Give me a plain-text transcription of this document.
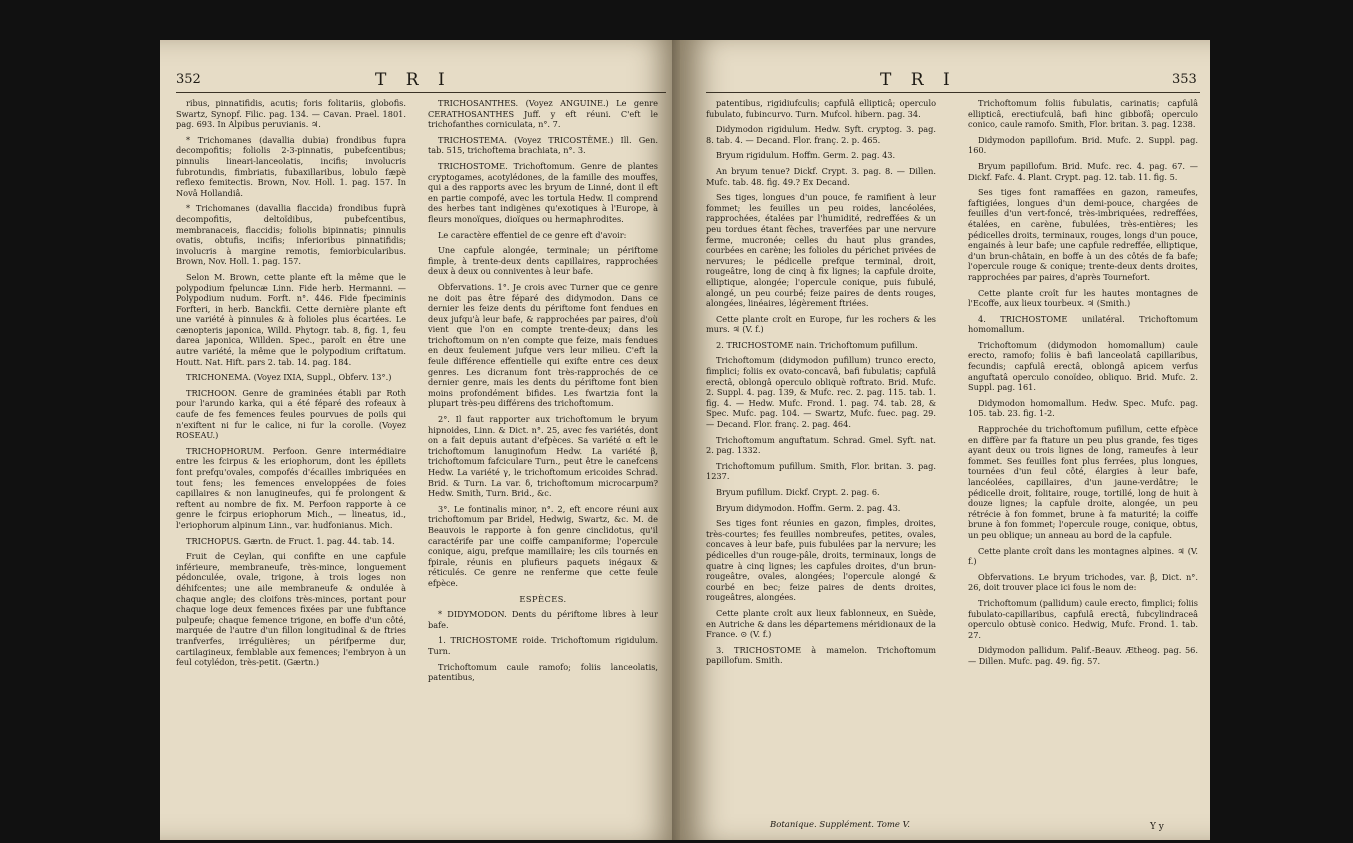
352	T R I

ribus, pinnatifidis, acutis; foris folitariis, globofis. Swartz, Synopf. Filic. pag. 134. — Cavan. Prael. 1801. pag. 693. In Alpibus peruvianis. ♃.

* Trichomanes (davallia dubia) frondibus fupra decompofitis; foliolis 2-3-pinnatis, pubefcentibus; pinnulis lineari-lanceolatis, incifis; involucris fubrotundis, fimbriatis, fubaxillaribus, lobulo fæpè reflexo femitectis. Brown, Nov. Holl. 1. pag. 157. In Novâ Hollandiâ.

* Trichomanes (davallia flaccida) frondibus fuprà decompofitis, deltoïdibus, pubefcentibus, membranaceis, flaccidis; foliolis bipinnatis; pinnulis ovatis, obtufis, incifis; inferioribus pinnatifidis; involucris à margine remotis, femiorbicularibus. Brown, Nov. Holl. 1. pag. 157.

Selon M. Brown, cette plante eft la même que le polypodium fpeluncæ Linn. Fide herb. Hermanni. — Polypodium nudum. Forft. n°. 446. Fide fpeciminis Forfteri, in herb. Banckfii. Cette dernière plante eft une variété à pinnules & à folioles plus écartées. Le cænopteris japonica, Willd. Phytogr. tab. 8, fig. 1, feu darea japonica, Willden. Spec., paroît en être une autre variété, la même que le polypodium criftatum. Houtt. Nat. Hift. pars 2. tab. 14. pag. 184.

TRICHONEMA. (Voyez IXIA, Suppl., Obferv. 13°.)

TRICHOON. Genre de graminées établi par Roth pour l'arundo karka, qui a été féparé des rofeaux à caufe de fes femences feules pourvues de poils qui n'exiftent ni fur le calice, ni fur la corolle. (Voyez ROSEAU.)

TRICHOPHORUM. Perfoon. Genre intermédiaire entre les fcirpus & les eriophorum, dont les épillets font prefqu'ovales, compofés d'écailles imbriquées en tout fens; les femences enveloppées de foies capillaires & non lanugineufes, qui fe prolongent & reftent au nombre de fix. M. Perfoon rapporte à ce genre le fcirpus eriophorum Mich., — lineatus, id., l'eriophorum alpinum Linn., var. hudfonianus. Mich.

TRICHOPUS. Gærtn. de Fruct. 1. pag. 44. tab. 14.

Fruit de Ceylan, qui confifte en une capfule inférieure, membraneufe, très-mince, longuement pédonculée, ovale, trigone, à trois loges non déhifcentes; une aile membraneufe & ondulée à chaque angle; des cloifons très-minces, portant pour chaque loge deux femences fixées par une fubftance pulpeufe; chaque femence trigone, en boffe d'un côté, marquée de l'autre d'un fillon longitudinal & de ftries tranfverfes, irrégulières; un périfperme dur, cartilagineux, femblable aux femences; l'embryon à un feul cotylédon, très-petit. (Gærtn.)

TRICHOSANTHES. (Voyez ANGUINE.) Le genre CERATHOSANTHES Juff. y eft réuni. C'eft le trichofanthes corniculata, n°. 7.

TRICHOSTEMA. (Voyez TRICOSTÈME.) Ill. Gen. tab. 515, trichoftema brachiata, n°. 3.

TRICHOSTOME. Trichoftomum. Genre de plantes cryptogames, acotylédones, de la famille des mouffes, qui a des rapports avec les bryum de Linné, dont il eft en partie compofé, avec les tortula Hedw. Il comprend des herbes tant indigènes qu'exotiques à l'Europe, à fleurs monoïques, dioïques ou hermaphrodites.

Le caractère effentiel de ce genre eft d'avoir:

Une capfule alongée, terminale; un périftome fimple, à trente-deux dents capillaires, rapprochées deux à deux ou conniventes à leur bafe.

Obfervations. 1°. Je crois avec Turner que ce genre ne doit pas être féparé des didymodon. Dans ce dernier les feize dents du périftome font fendues en deux jufqu'à leur bafe, & rapprochées par paires, d'où vient que l'on en compte trente-deux; dans les trichoftomum on n'en compte que feize, mais fendues en deux feulement jufque vers leur milieu. C'eft la feule différence effentielle qui exifte entre ces deux genres. Les dicranum font très-rapprochés de ce dernier genre, mais les dents du périftome font bien moins profondément bifides. Les fwartzia font la plupart très-peu différens des trichoftomum.

2°. Il faut rapporter aux trichoftomum le bryum hipnoides, Linn. & Dict. n°. 25, avec fes variétés, dont on a fait depuis autant d'efpèces. Sa variété α eft le trichoftomum lanuginofum Hedw. La variété β, trichoftomum fafciculare Turn., peut être le canefcens Hedw. La variété γ, le trichoftomum ericoides Schrad. Brid. & Turn. La var. δ, trichoftomum microcarpum? Hedw. Smith, Turn. Brid., &c.

3°. Le fontinalis minor, n°. 2, eft encore réuni aux trichoftomum par Bridel, Hedwig, Swartz, &c. M. de Beauvois le rapporte à fon genre cinclidotus, qu'il caractérife par une coiffe campaniforme; l'opercule conique, aigu, prefque mamillaire; les cils tournés en fpirale, réunis en plufieurs paquets inégaux & réticulés. Ce genre ne renferme que cette feule efpèce.

ESPÈCES.

* DIDYMODON. Dents du périftome libres à leur bafe.

1. TRICHOSTOME roide. Trichoftomum rigidulum. Turn.

Trichoftomum caule ramofo; foliis lanceolatis, patentibus,

T R I	353

patentibus, rigidiufculis; capfulâ ellipticâ; operculo fubulato, fubincurvo. Turn. Mufcol. hibern. pag. 34.

Didymodon rigidulum. Hedw. Syft. cryptog. 3. pag. 8. tab. 4. — Decand. Flor. franç. 2. p. 465.

Bryum rigidulum. Hoffm. Germ. 2. pag. 43.

An bryum tenue? Dickf. Crypt. 3. pag. 8. — Dillen. Mufc. tab. 48. fig. 49.? Ex Decand.

Ses tiges, longues d'un pouce, fe ramifient à leur fommet; les feuilles un peu roides, lancéolées, rapprochées, étalées par l'humidité, redreffées & un peu tordues étant fèches, traverfées par une nervure ferme, mucronée; celles du haut plus grandes, courbées en carène; les folioles du périchet privées de nervures; le pédicelle prefque terminal, droit, rougeâtre, long de cinq à fix lignes; la capfule droite, elliptique, alongée; l'opercule conique, puis fubulé, alongé, un peu courbé; feize paires de dents rouges, alongées, linéaires, légèrement ftriées.

Cette plante croît en Europe, fur les rochers & les murs. ♃ (V. f.)

2. TRICHOSTOME nain. Trichoftomum pufillum.

Trichoftomum (didymodon pufillum) trunco erecto, fimplici; foliis ex ovato-concavâ, bafi fubulatis; capfulâ erectâ, oblongâ operculo obliquè roftrato. Brid. Mufc. 2. Suppl. 4. pag. 139, & Mufc. rec. 2. pag. 115. tab. 1. fig. 4. — Hedw. Mufc. Frond. 1. pag. 74. tab. 28, & Spec. Mufc. pag. 104. — Swartz, Mufc. fuec. pag. 29. — Decand. Flor. franç. 2. pag. 464.

Trichoftomum anguftatum. Schrad. Gmel. Syft. nat. 2. pag. 1332.

Trichoftomum pufillum. Smith, Flor. britan. 3. pag. 1237.

Bryum pufillum. Dickf. Crypt. 2. pag. 6.

Bryum didymodon. Hoffm. Germ. 2. pag. 43.

Ses tiges font réunies en gazon, fimples, droites, très-courtes; fes feuilles nombreufes, petites, ovales, concaves à leur bafe, puis fubulées par la nervure; les pédicelles d'un rouge-pâle, droits, terminaux, longs de quatre à cinq lignes; les capfules droites, d'un brun-rougeâtre, ovales, alongées; l'opercule alongé & courbé en bec; feize paires de dents droites, rougeâtres, alongées.

Cette plante croît aux lieux fablonneux, en Suède, en Autriche & dans les départemens méridionaux de la France. ⊙ (V. f.)

3. TRICHOSTOME à mamelon. Trichoftomum papillofum. Smith.

Trichoftomum foliis fubulatis, carinatis; capfulâ ellipticâ, erectiufculâ, bafi hinc gibbofâ; operculo conico, caule ramofo. Smith, Flor. britan. 3. pag. 1238.

Didymodon papillofum. Brid. Mufc. 2. Suppl. pag. 160.

Bryum papillofum. Brid. Mufc. rec. 4. pag. 67. — Dickf. Fafc. 4. Plant. Crypt. pag. 12. tab. 11. fig. 5.

Ses tiges font ramaffées en gazon, rameufes, faftigiées, longues d'un demi-pouce, chargées de feuilles d'un vert-foncé, très-imbriquées, redreffées, étalées, en carène, fubulées, très-entières; les pédicelles droits, terminaux, rouges, longs d'un pouce, engainés à leur bafe; une capfule redreffée, elliptique, d'un brun-châtain, en boffe à un des côtés de fa bafe; l'opercule rouge & conique; trente-deux dents droites, rapprochées par paires, d'après Tournefort.

Cette plante croît fur les hautes montagnes de l'Ecoffe, aux lieux tourbeux. ♃ (Smith.)

4. TRICHOSTOME unilatéral. Trichoftomum homomallum.

Trichoftomum (didymodon homomallum) caule erecto, ramofo; foliis è bafi lanceolatâ capillaribus, fecundis; capfulâ erectâ, oblongâ apicem verfus anguftatâ operculo conoïdeo, obliquo. Brid. Mufc. 2. Suppl. pag. 161.

Didymodon homomallum. Hedw. Spec. Mufc. pag. 105. tab. 23. fig. 1-2.

Rapprochée du trichoftomum pufillum, cette efpèce en diffère par fa ftature un peu plus grande, fes tiges ayant deux ou trois lignes de long, rameufes à leur fommet. Ses feuilles font plus ferrées, plus longues, tournées d'un feul côté, élargies à leur bafe, lancéolées, capillaires, d'un jaune-verdâtre; le pédicelle droit, folitaire, rouge, tortillé, long de huit à douze lignes; la capfule droite, alongée, un peu rétrécie à fon fommet, brune à fa maturité; la coiffe brune à fon fommet; l'opercule rouge, conique, obtus, un peu oblique; un anneau au bord de la capfule.

Cette plante croît dans les montagnes alpines. ♃ (V. f.)

Obfervations. Le bryum trichodes, var. β, Dict. n°. 26, doit trouver place ici fous le nom de:

Trichoftomum (pallidum) caule erecto, fimplici; foliis fubulato-capillaribus, capfulâ erectâ, fubcylindraceâ operculo obtusè conico. Hedwig, Mufc. Frond. 1. tab. 27.

Didymodon pallidum. Palif.-Beauv. Ætheog. pag. 56. — Dillen. Mufc. pag. 49. fig. 57.

Botanique. Supplément. Tome V.	Y y
